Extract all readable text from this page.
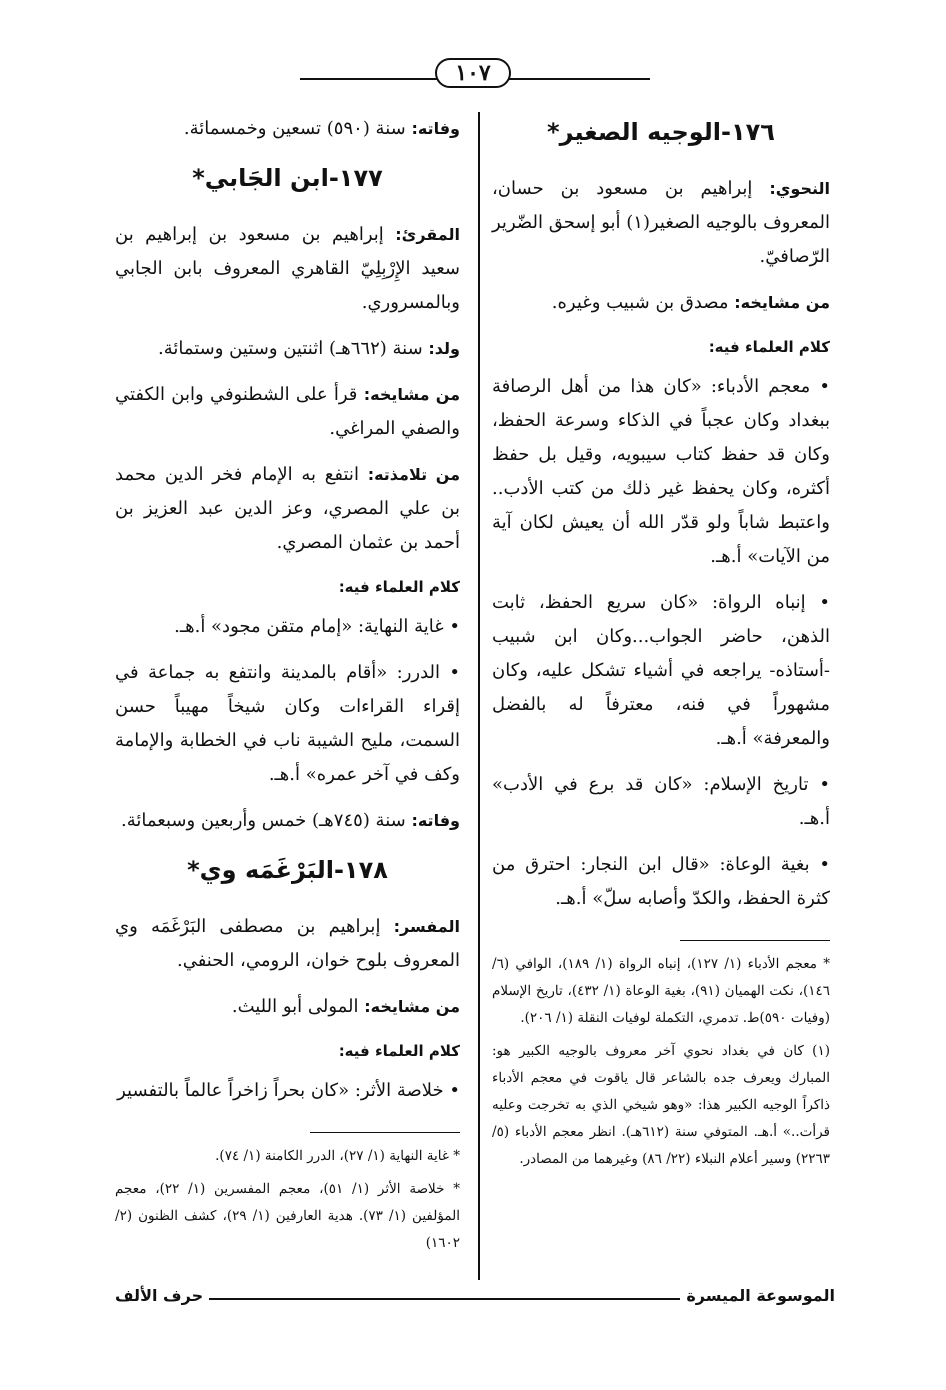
١٠٧
١٧٦-الوجيه الصغير*

النحوي: إبراهيم بن مسعود بن حسان، المعروف بالوجيه الصغير(١) أبو إسحق الضّرير الرّصافيّ.

من مشايخه: مصدق بن شبيب وغيره.

كلام العلماء فيه:

• معجم الأدباء: «كان هذا من أهل الرصافة ببغداد وكان عجباً في الذكاء وسرعة الحفظ، وكان قد حفظ كتاب سيبويه، وقيل بل حفظ أكثره، وكان يحفظ غير ذلك من كتب الأدب.. واعتبط شاباً ولو قدّر الله أن يعيش لكان آية من الآيات» أ.هـ.

• إنباه الرواة: «كان سريع الحفظ، ثابت الذهن، حاضر الجواب...وكان ابن شبيب -أستاذه- يراجعه في أشياء تشكل عليه، وكان مشهوراً في فنه، معترفاً له بالفضل والمعرفة» أ.هـ.

• تاريخ الإسلام: «كان قد برع في الأدب» أ.هـ.

• بغية الوعاة: «قال ابن النجار: احترق من كثرة الحفظ، والكدّ وأصابه سلّ» أ.هـ.

* معجم الأدباء (١/ ١٢٧)، إنباه الرواة (١/ ١٨٩)، الوافي (٦/ ١٤٦)، نكت الهميان (٩١)، بغية الوعاة (١/ ٤٣٢)، تاريخ الإسلام (وفيات ٥٩٠)ط. تدمري، التكملة لوفيات النقلة (١/ ٢٠٦).

(١) كان في بغداد نحوي آخر معروف بالوجيه الكبير هو: المبارك ويعرف جده بالشاعر قال ياقوت في معجم الأدباء ذاكراً الوجيه الكبير هذا: «وهو شيخي الذي به تخرجت وعليه قرأت..» أ.هـ. المتوفي سنة (٦١٢هـ). انظر معجم الأدباء (٥/ ٢٢٦٣) وسير أعلام النبلاء (٢٢/ ٨٦) وغيرهما من المصادر.

وفاته: سنة (٥٩٠) تسعين وخمسمائة.

١٧٧-ابن الجَابي*

المقرئ: إبراهيم بن مسعود بن إبراهيم بن سعيد الإِرْبِلِيّ القاهري المعروف بابن الجابي وبالمسروري.

ولد: سنة (٦٦٢هـ) اثنتين وستين وستمائة.

من مشايخه: قرأ على الشطنوفي وابن الكفتي والصفي المراغي.

من تلامذته: انتفع به الإمام فخر الدين محمد بن علي المصري، وعز الدين عبد العزيز بن أحمد بن عثمان المصري.

كلام العلماء فيه:

• غاية النهاية: «إمام متقن مجود» أ.هـ.

• الدرر: «أقام بالمدينة وانتفع به جماعة في إقراء القراءات وكان شيخاً مهيباً حسن السمت، مليح الشيبة ناب في الخطابة والإمامة وكف في آخر عمره» أ.هـ.

وفاته: سنة (٧٤٥هـ) خمس وأربعين وسبعمائة.

١٧٨-البَرْغَمَه وي*

المفسر: إبراهيم بن مصطفى البَرْغَمَه وي المعروف بلوح خوان، الرومي، الحنفي.

من مشايخه: المولى أبو الليث.

كلام العلماء فيه:

• خلاصة الأثر: «كان بحراً زاخراً عالماً بالتفسير

* غاية النهاية (١/ ٢٧)، الدرر الكامنة (١/ ٧٤).

* خلاصة الأثر (١/ ٥١)، معجم المفسرين (١/ ٢٢)، معجم المؤلفين (١/ ٧٣). هدية العارفين (١/ ٢٩)، كشف الظنون (٢/ ١٦٠٢)

الموسوعة الميسرة
حرف الألف
